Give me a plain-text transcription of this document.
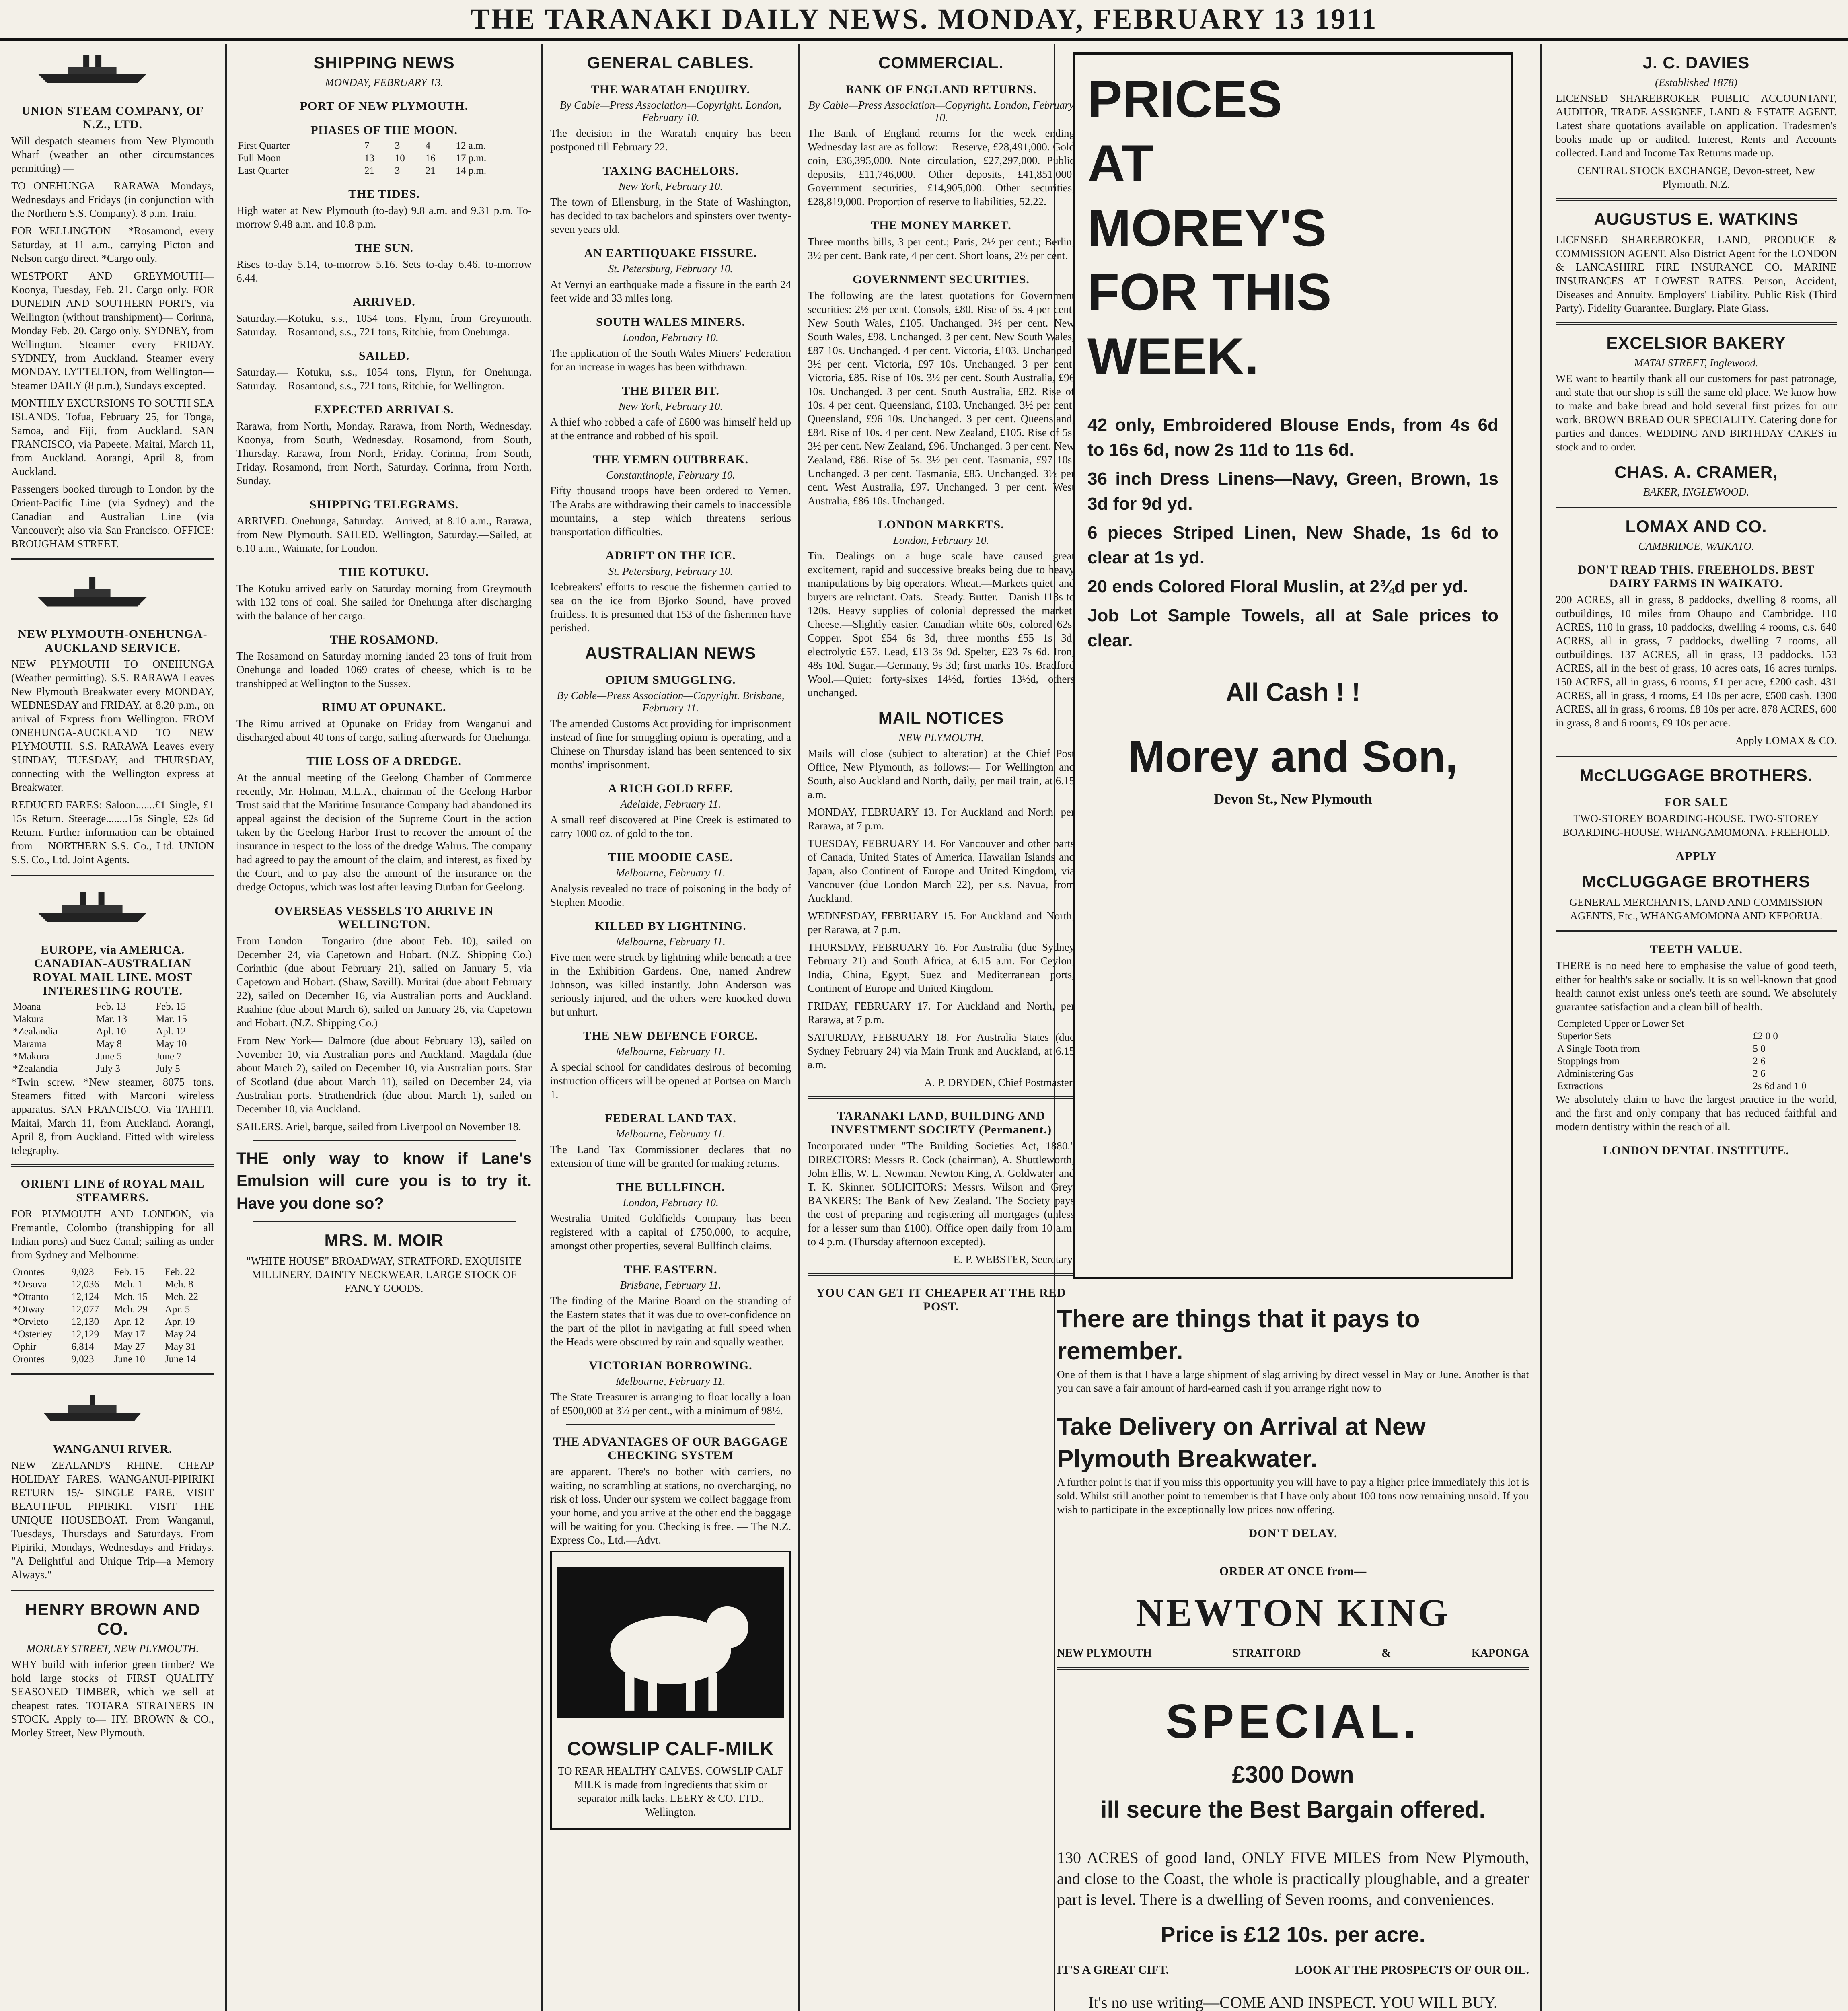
THE TARANAKI DAILY NEWS. MONDAY, FEBRUARY 13 1911
UNION STEAM COMPANY, OF N.Z., LTD.

Will despatch steamers from New Plymouth Wharf (weather an other circumstances permitting) —

TO ONEHUNGA— RARAWA—Mondays, Wednesdays and Fridays (in conjunction with the Northern S.S. Company). 8 p.m. Train.

FOR WELLINGTON— *Rosamond, every Saturday, at 11 a.m., carrying Picton and Nelson cargo direct. *Cargo only.

WESTPORT AND GREYMOUTH— Koonya, Tuesday, Feb. 21. Cargo only. FOR DUNEDIN AND SOUTHERN PORTS, via Wellington (without transhipment)— Corinna, Monday Feb. 20. Cargo only. SYDNEY, from Wellington. Steamer every FRIDAY. SYDNEY, from Auckland. Steamer every MONDAY. LYTTELTON, from Wellington— Steamer DAILY (8 p.m.), Sundays excepted.

MONTHLY EXCURSIONS TO SOUTH SEA ISLANDS. Tofua, February 25, for Tonga, Samoa, and Fiji, from Auckland. SAN FRANCISCO, via Papeete. Maitai, March 11, from Auckland. Aorangi, April 8, from Auckland.

Passengers booked through to London by the Orient-Pacific Line (via Sydney) and the Canadian and Australian Line (via Vancouver); also via San Francisco. OFFICE: BROUGHAM STREET.

NEW PLYMOUTH-ONEHUNGA-AUCKLAND SERVICE.

NEW PLYMOUTH TO ONEHUNGA (Weather permitting). S.S. RARAWA Leaves New Plymouth Breakwater every MONDAY, WEDNESDAY and FRIDAY, at 8.20 p.m., on arrival of Express from Wellington. FROM ONEHUNGA-AUCKLAND TO NEW PLYMOUTH. S.S. RARAWA Leaves every SUNDAY, TUESDAY, and THURSDAY, connecting with the Wellington express at Breakwater.

REDUCED FARES: Saloon.......£1 Single, £1 15s Return. Steerage........15s Single, £2s 6d Return. Further information can be obtained from— NORTHERN S.S. Co., Ltd. UNION S.S. Co., Ltd. Joint Agents.

EUROPE, via AMERICA. CANADIAN-AUSTRALIAN ROYAL MAIL LINE. MOST INTERESTING ROUTE.
Moana	Feb. 13	Feb. 15
Makura	Mar. 13	Mar. 15
*Zealandia	Apl. 10	Apl. 12
Marama	May 8	May 10
*Makura	June 5	June 7
*Zealandia	July 3	July 5

*Twin screw. *New steamer, 8075 tons. Steamers fitted with Marconi wireless apparatus. SAN FRANCISCO, Via TAHITI. Maitai, March 11, from Auckland. Aorangi, April 8, from Auckland. Fitted with wireless telegraphy.

ORIENT LINE of ROYAL MAIL STEAMERS.

FOR PLYMOUTH AND LONDON, via Fremantle, Colombo (transhipping for all Indian ports) and Suez Canal; sailing as under from Sydney and Melbourne:—

Orontes	9,023	Feb. 15	Feb. 22
*Orsova	12,036	Mch. 1	Mch. 8
*Otranto	12,124	Mch. 15	Mch. 22
*Otway	12,077	Mch. 29	Apr. 5
*Orvieto	12,130	Apr. 12	Apr. 19
*Osterley	12,129	May 17	May 24
Ophir	6,814	May 27	May 31
Orontes	9,023	June 10	June 14
WANGANUI RIVER.

NEW ZEALAND'S RHINE. CHEAP HOLIDAY FARES. WANGANUI-PIPIRIKI RETURN 15/- SINGLE FARE. VISIT BEAUTIFUL PIPIRIKI. VISIT THE UNIQUE HOUSEBOAT. From Wanganui, Tuesdays, Thursdays and Saturdays. From Pipiriki, Mondays, Wednesdays and Fridays. "A Delightful and Unique Trip—a Memory Always."

HENRY BROWN AND CO.
MORLEY STREET, NEW PLYMOUTH.

WHY build with inferior green timber? We hold large stocks of FIRST QUALITY SEASONED TIMBER, which we sell at cheapest rates. TOTARA STRAINERS IN STOCK. Apply to— HY. BROWN & CO., Morley Street, New Plymouth.

SHIPPING NEWS
MONDAY, FEBRUARY 13.
PORT OF NEW PLYMOUTH.
PHASES OF THE MOON.
First Quarter	7	3	4	12 a.m.
Full Moon	13	10	16	17 p.m.
Last Quarter	21	3	21	14 p.m.
THE TIDES.

High water at New Plymouth (to-day) 9.8 a.m. and 9.31 p.m. To-morrow 9.48 a.m. and 10.8 p.m.

THE SUN.

Rises to-day 5.14, to-morrow 5.16. Sets to-day 6.46, to-morrow 6.44.

ARRIVED.

Saturday.—Kotuku, s.s., 1054 tons, Flynn, from Greymouth. Saturday.—Rosamond, s.s., 721 tons, Ritchie, from Onehunga.

SAILED.

Saturday.— Kotuku, s.s., 1054 tons, Flynn, for Onehunga. Saturday.—Rosamond, s.s., 721 tons, Ritchie, for Wellington.

EXPECTED ARRIVALS.

Rarawa, from North, Monday. Rarawa, from North, Wednesday. Koonya, from South, Wednesday. Rosamond, from South, Thursday. Rarawa, from North, Friday. Corinna, from South, Friday. Rosamond, from North, Saturday. Corinna, from North, Sunday.

SHIPPING TELEGRAMS.

ARRIVED. Onehunga, Saturday.—Arrived, at 8.10 a.m., Rarawa, from New Plymouth. SAILED. Wellington, Saturday.—Sailed, at 6.10 a.m., Waimate, for London.

THE KOTUKU.

The Kotuku arrived early on Saturday morning from Greymouth with 132 tons of coal. She sailed for Onehunga after discharging with the balance of her cargo.

THE ROSAMOND.

The Rosamond on Saturday morning landed 23 tons of fruit from Onehunga and loaded 1069 crates of cheese, which is to be transhipped at Wellington to the Sussex.

RIMU AT OPUNAKE.

The Rimu arrived at Opunake on Friday from Wanganui and discharged about 40 tons of cargo, sailing afterwards for Onehunga.

THE LOSS OF A DREDGE.

At the annual meeting of the Geelong Chamber of Commerce recently, Mr. Holman, M.L.A., chairman of the Geelong Harbor Trust said that the Maritime Insurance Company had abandoned its appeal against the decision of the Supreme Court in the action taken by the Geelong Harbor Trust to recover the amount of the insurance in respect to the loss of the dredge Walrus. The company had agreed to pay the amount of the claim, and interest, as fixed by the Court, and to pay also the amount of the insurance on the dredge Octopus, which was lost after leaving Durban for Geelong.

OVERSEAS VESSELS TO ARRIVE IN WELLINGTON.

From London— Tongariro (due about Feb. 10), sailed on December 24, via Capetown and Hobart. (N.Z. Shipping Co.) Corinthic (due about February 21), sailed on January 5, via Capetown and Hobart. (Shaw, Savill). Muritai (due about February 22), sailed on December 16, via Australian ports and Auckland. Ruahine (due about March 6), sailed on January 26, via Capetown and Hobart. (N.Z. Shipping Co.)

From New York— Dalmore (due about February 13), sailed on November 10, via Australian ports and Auckland. Magdala (due about March 2), sailed on December 10, via Australian ports. Star of Scotland (due about March 11), sailed on December 24, via Australian ports. Strathendrick (due about March 1), sailed on December 10, via Auckland.

SAILERS. Ariel, barque, sailed from Liverpool on November 18.

THE only way to know if Lane's Emulsion will cure you is to try it. Have you done so?

MRS. M. MOIR

"WHITE HOUSE" BROADWAY, STRATFORD. EXQUISITE MILLINERY. DAINTY NECKWEAR. LARGE STOCK OF FANCY GOODS.

GENERAL CABLES.
THE WARATAH ENQUIRY.
By Cable—Press Association—Copyright. London, February 10.

The decision in the Waratah enquiry has been postponed till February 22.

TAXING BACHELORS.
New York, February 10.

The town of Ellensburg, in the State of Washington, has decided to tax bachelors and spinsters over twenty-seven years old.

AN EARTHQUAKE FISSURE.
St. Petersburg, February 10.

At Vernyi an earthquake made a fissure in the earth 24 feet wide and 33 miles long.

SOUTH WALES MINERS.
London, February 10.

The application of the South Wales Miners' Federation for an increase in wages has been withdrawn.

THE BITER BIT.
New York, February 10.

A thief who robbed a cafe of £600 was himself held up at the entrance and robbed of his spoil.

THE YEMEN OUTBREAK.
Constantinople, February 10.

Fifty thousand troops have been ordered to Yemen. The Arabs are withdrawing their camels to inaccessible mountains, a step which threatens serious transportation difficulties.

ADRIFT ON THE ICE.
St. Petersburg, February 10.

Icebreakers' efforts to rescue the fishermen carried to sea on the ice from Bjorko Sound, have proved fruitless. It is presumed that 153 of the fishermen have perished.

AUSTRALIAN NEWS
OPIUM SMUGGLING.
By Cable—Press Association—Copyright. Brisbane, February 11.

The amended Customs Act providing for imprisonment instead of fine for smuggling opium is operating, and a Chinese on Thursday island has been sentenced to six months' imprisonment.

A RICH GOLD REEF.
Adelaide, February 11.

A small reef discovered at Pine Creek is estimated to carry 1000 oz. of gold to the ton.

THE MOODIE CASE.
Melbourne, February 11.

Analysis revealed no trace of poisoning in the body of Stephen Moodie.

KILLED BY LIGHTNING.
Melbourne, February 11.

Five men were struck by lightning while beneath a tree in the Exhibition Gardens. One, named Andrew Johnson, was killed instantly. John Anderson was seriously injured, and the others were knocked down but unhurt.

THE NEW DEFENCE FORCE.
Melbourne, February 11.

A special school for candidates desirous of becoming instruction officers will be opened at Portsea on March 1.

FEDERAL LAND TAX.
Melbourne, February 11.

The Land Tax Commissioner declares that no extension of time will be granted for making returns.

THE BULLFINCH.
London, February 10.

Westralia United Goldfields Company has been registered with a capital of £750,000, to acquire, amongst other properties, several Bullfinch claims.

THE EASTERN.
Brisbane, February 11.

The finding of the Marine Board on the stranding of the Eastern states that it was due to over-confidence on the part of the pilot in navigating at full speed when the Heads were obscured by rain and squally weather.

VICTORIAN BORROWING.
Melbourne, February 11.

The State Treasurer is arranging to float locally a loan of £500,000 at 3½ per cent., with a minimum of 98½.

THE ADVANTAGES OF OUR BAGGAGE CHECKING SYSTEM

are apparent. There's no bother with carriers, no waiting, no scrambling at stations, no overcharging, no risk of loss. Under our system we collect baggage from your home, and you arrive at the other end the baggage will be waiting for you. Checking is free. — The N.Z. Express Co., Ltd.—Advt.

COWSLIP CALF-MILK

TO REAR HEALTHY CALVES. COWSLIP CALF MILK is made from ingredients that skim or separator milk lacks. LEERY & CO. LTD., Wellington.

COMMERCIAL.
BANK OF ENGLAND RETURNS.
By Cable—Press Association—Copyright. London, February 10.

The Bank of England returns for the week ending Wednesday last are as follow:— Reserve, £28,491,000. Gold coin, £36,395,000. Note circulation, £27,297,000. Public deposits, £11,746,000. Other deposits, £41,851,000. Government securities, £14,905,000. Other securities, £28,819,000. Proportion of reserve to liabilities, 52.22.

THE MONEY MARKET.

Three months bills, 3 per cent.; Paris, 2½ per cent.; Berlin, 3½ per cent. Bank rate, 4 per cent. Short loans, 2½ per cent.

GOVERNMENT SECURITIES.

The following are the latest quotations for Government securities: 2½ per cent. Consols, £80. Rise of 5s. 4 per cent. New South Wales, £105. Unchanged. 3½ per cent. New South Wales, £98. Unchanged. 3 per cent. New South Wales, £87 10s. Unchanged. 4 per cent. Victoria, £103. Unchanged. 3½ per cent. Victoria, £97 10s. Unchanged. 3 per cent. Victoria, £85. Rise of 10s. 3½ per cent. South Australia, £96 10s. Unchanged. 3 per cent. South Australia, £82. Rise of 10s. 4 per cent. Queensland, £103. Unchanged. 3½ per cent. Queensland, £96 10s. Unchanged. 3 per cent. Queensland, £84. Rise of 10s. 4 per cent. New Zealand, £105. Rise of 5s. 3½ per cent. New Zealand, £96. Unchanged. 3 per cent. New Zealand, £86. Rise of 5s. 3½ per cent. Tasmania, £97 10s. Unchanged. 3 per cent. Tasmania, £85. Unchanged. 3½ per cent. West Australia, £97. Unchanged. 3 per cent. West Australia, £86 10s. Unchanged.

LONDON MARKETS.
London, February 10.

Tin.—Dealings on a huge scale have caused great excitement, rapid and successive breaks being due to heavy manipulations by big operators. Wheat.—Markets quiet, and buyers are reluctant. Oats.—Steady. Butter.—Danish 118s to 120s. Heavy supplies of colonial depressed the market. Cheese.—Slightly easier. Canadian white 60s, colored 62s. Copper.—Spot £54 6s 3d, three months £55 1s 3d, electrolytic £57. Lead, £13 3s 9d. Spelter, £23 7s 6d. Iron, 48s 10d. Sugar.—Germany, 9s 3d; first marks 10s. Bradford Wool.—Quiet; forty-sixes 14½d, forties 13½d, others unchanged.

MAIL NOTICES
NEW PLYMOUTH.

Mails will close (subject to alteration) at the Chief Post Office, New Plymouth, as follows:— For Wellington and South, also Auckland and North, daily, per mail train, at 6.15 a.m.

MONDAY, FEBRUARY 13. For Auckland and North, per Rarawa, at 7 p.m.

TUESDAY, FEBRUARY 14. For Vancouver and other parts of Canada, United States of America, Hawaiian Islands and Japan, also Continent of Europe and United Kingdom, via Vancouver (due London March 22), per s.s. Navua, from Auckland.

WEDNESDAY, FEBRUARY 15. For Auckland and North, per Rarawa, at 7 p.m.

THURSDAY, FEBRUARY 16. For Australia (due Sydney February 21) and South Africa, at 6.15 a.m. For Ceylon, India, China, Egypt, Suez and Mediterranean ports, Continent of Europe and United Kingdom.

FRIDAY, FEBRUARY 17. For Auckland and North, per Rarawa, at 7 p.m.

SATURDAY, FEBRUARY 18. For Australia States (due Sydney February 24) via Main Trunk and Auckland, at 6.15 a.m.

A. P. DRYDEN, Chief Postmaster.

TARANAKI LAND, BUILDING AND INVESTMENT SOCIETY (Permanent.)

Incorporated under "The Building Societies Act, 1880." DIRECTORS: Messrs R. Cock (chairman), A. Shuttleworth, John Ellis, W. L. Newman, Newton King, A. Goldwater, and T. K. Skinner. SOLICITORS: Messrs. Wilson and Grey. BANKERS: The Bank of New Zealand. The Society pays the cost of preparing and registering all mortgages (unless for a lesser sum than £100). Office open daily from 10 a.m. to 4 p.m. (Thursday afternoon excepted).

E. P. WEBSTER, Secretary.

YOU CAN GET IT CHEAPER AT THE RED POST.
PRICES AT MOREY'S FOR THIS WEEK.

42 only, Embroidered Blouse Ends, from 4s 6d to 16s 6d, now 2s 11d to 11s 6d.

36 inch Dress Linens—Navy, Green, Brown, 1s 3d for 9d yd.

6 pieces Striped Linen, New Shade, 1s 6d to clear at 1s yd.

20 ends Colored Floral Muslin, at 2¾d per yd.

Job Lot Sample Towels, all at Sale prices to clear.

All Cash ! !
Morey and Son,
Devon St., New Plymouth
There are things that it pays to remember.

One of them is that I have a large shipment of slag arriving by direct vessel in May or June. Another is that you can save a fair amount of hard-earned cash if you arrange right now to

Take Delivery on Arrival at New Plymouth Breakwater.

A further point is that if you miss this opportunity you will have to pay a higher price immediately this lot is sold. Whilst still another point to remember is that I have only about 100 tons now remaining unsold. If you wish to participate in the exceptionally low prices now offering.

DON'T DELAY.
ORDER AT ONCE from—
NEWTON KING
NEW PLYMOUTH	STRATFORD	&	KAPONGA
SPECIAL.
£300 Down
ill secure the Best Bargain offered.

130 ACRES of good land, ONLY FIVE MILES from New Plymouth, and close to the Coast, the whole is practically ploughable, and a greater part is level. There is a dwelling of Seven rooms, and conveniences.

Price is £12 10s. per acre.
IT'S A GREAT CIFT.	LOOK AT THE PROSPECTS OF OUR OIL.
It's no use writing—COME AND INSPECT. YOU WILL BUY.
J. C. DAVIES
(Established 1878)

LICENSED SHAREBROKER PUBLIC ACCOUNTANT, AUDITOR, TRADE ASSIGNEE, LAND & ESTATE AGENT. Latest share quotations available on application. Tradesmen's books made up or audited. Interest, Rents and Accounts collected. Land and Income Tax Returns made up.

CENTRAL STOCK EXCHANGE, Devon-street, New Plymouth, N.Z.

AUGUSTUS E. WATKINS

LICENSED SHAREBROKER, LAND, PRODUCE & COMMISSION AGENT. Also District Agent for the LONDON & LANCASHIRE FIRE INSURANCE CO. MARINE INSURANCES AT LOWEST RATES. Person, Accident, Diseases and Annuity. Employers' Liability. Public Risk (Third Party). Fidelity Guarantee. Burglary. Plate Glass.

EXCELSIOR BAKERY
MATAI STREET, Inglewood.

WE want to heartily thank all our customers for past patronage, and state that our shop is still the same old place. We know how to make and bake bread and hold several first prizes for our work. BROWN BREAD OUR SPECIALITY. Catering done for parties and dances. WEDDING AND BIRTHDAY CAKES in stock and to order.

CHAS. A. CRAMER,
BAKER, INGLEWOOD.
LOMAX AND CO.
CAMBRIDGE, WAIKATO.
DON'T READ THIS. FREEHOLDS. BEST DAIRY FARMS IN WAIKATO.

200 ACRES, all in grass, 8 paddocks, dwelling 8 rooms, all outbuildings, 10 miles from Ohaupo and Cambridge. 110 ACRES, 110 in grass, 10 paddocks, dwelling 4 rooms, c.s. 640 ACRES, all in grass, 7 paddocks, dwelling 7 rooms, all outbuildings. 137 ACRES, all in grass, 13 paddocks. 153 ACRES, all in the best of grass, 10 acres oats, 16 acres turnips. 150 ACRES, all in grass, 6 rooms, £1 per acre, £200 cash. 431 ACRES, all in grass, 4 rooms, £4 10s per acre, £500 cash. 1300 ACRES, all in grass, 6 rooms, £8 10s per acre. 878 ACRES, 600 in grass, 8 and 6 rooms, £9 10s per acre.

Apply LOMAX & CO.

McCLUGGAGE BROTHERS.
FOR SALE

TWO-STOREY BOARDING-HOUSE. TWO-STOREY BOARDING-HOUSE, WHANGAMOMONA. FREEHOLD.

APPLY
McCLUGGAGE BROTHERS

GENERAL MERCHANTS, LAND AND COMMISSION AGENTS, Etc., WHANGAMOMONA AND KEPORUA.

TEETH VALUE.

THERE is no need here to emphasise the value of good teeth, either for health's sake or socially. It is so well-known that good health cannot exist unless one's teeth are sound. We absolutely guarantee satisfaction and a clean bill of health.

Completed Upper or Lower Set	
Superior Sets	£2 0 0
A Single Tooth from	5 0
Stoppings from	2 6
Administering Gas	2 6
Extractions	2s 6d and 1 0

We absolutely claim to have the largest practice in the world, and the first and only company that has reduced faithful and modern dentistry within the reach of all.

LONDON DENTAL INSTITUTE.
